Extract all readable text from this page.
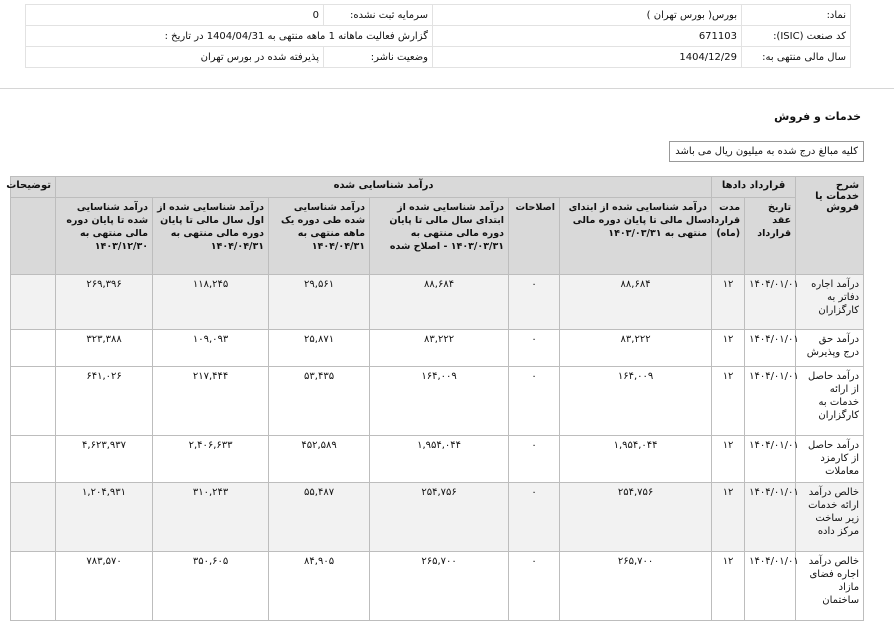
نماد:	بورس( بورس تهران )	سرمایه ثبت نشده:	0
کد صنعت (ISIC):	671103	گزارش فعالیت ماهانه 1 ماهه منتهی به 1404/04/31 در تاریخ :	
سال مالی منتهی به:	1404/12/29	وضعیت ناشر:	پذیرفته شده در بورس تهران
خدمات و فروش
کلیه مبالغ درج شده به میلیون ریال می باشد
شرح خدمات یا فروش	قرارداد دادها		درآمد شناسایی شده						توضیحات
	تاریخ عقد قرارداد	مدت قرارداد (ماه)	درآمد شناسایی شده از ابتدای سال مالی تا پایان دوره مالی منتهی به ۱۴۰۳/۰۳/۳۱	اصلاحات	درآمد شناسایی شده از ابتدای سال مالی تا پایان دوره مالی منتهی به ۱۴۰۳/۰۳/۳۱ - اصلاح شده	درآمد شناسایی شده طی دوره یک ماهه منتهی به ۱۴۰۴/۰۴/۳۱	درآمد شناسایی شده از اول سال مالی تا پایان دوره مالی منتهی به ۱۴۰۴/۰۴/۳۱	درآمد شناسایی شده تا پایان دوره مالی منتهی به ۱۴۰۳/۱۲/۳۰	
درآمد اجاره دفاتر به کارگزاران	۱۴۰۴/۰۱/۰۱	۱۲	۸۸,۶۸۴	۰	۸۸,۶۸۴	۲۹,۵۶۱	۱۱۸,۲۴۵	۲۶۹,۳۹۶	
درآمد حق درج وپذیرش	۱۴۰۴/۰۱/۰۱	۱۲	۸۳,۲۲۲	۰	۸۳,۲۲۲	۲۵,۸۷۱	۱۰۹,۰۹۳	۳۲۳,۳۸۸	
درآمد حاصل از ارائه خدمات به کارگزاران	۱۴۰۴/۰۱/۰۱	۱۲	۱۶۴,۰۰۹	۰	۱۶۴,۰۰۹	۵۳,۴۳۵	۲۱۷,۴۴۴	۶۴۱,۰۲۶	
درآمد حاصل از کارمزد معاملات	۱۴۰۴/۰۱/۰۱	۱۲	۱,۹۵۴,۰۴۴	۰	۱,۹۵۴,۰۴۴	۴۵۲,۵۸۹	۲,۴۰۶,۶۳۳	۴,۶۲۳,۹۳۷	
خالص درآمد ارائه خدمات زیر ساخت مرکز داده	۱۴۰۴/۰۱/۰۱	۱۲	۲۵۴,۷۵۶	۰	۲۵۴,۷۵۶	۵۵,۴۸۷	۳۱۰,۲۴۳	۱,۲۰۴,۹۳۱	
خالص درآمد اجاره فضای مازاد ساختمان	۱۴۰۴/۰۱/۰۱	۱۲	۲۶۵,۷۰۰	۰	۲۶۵,۷۰۰	۸۴,۹۰۵	۳۵۰,۶۰۵	۷۸۳,۵۷۰	
